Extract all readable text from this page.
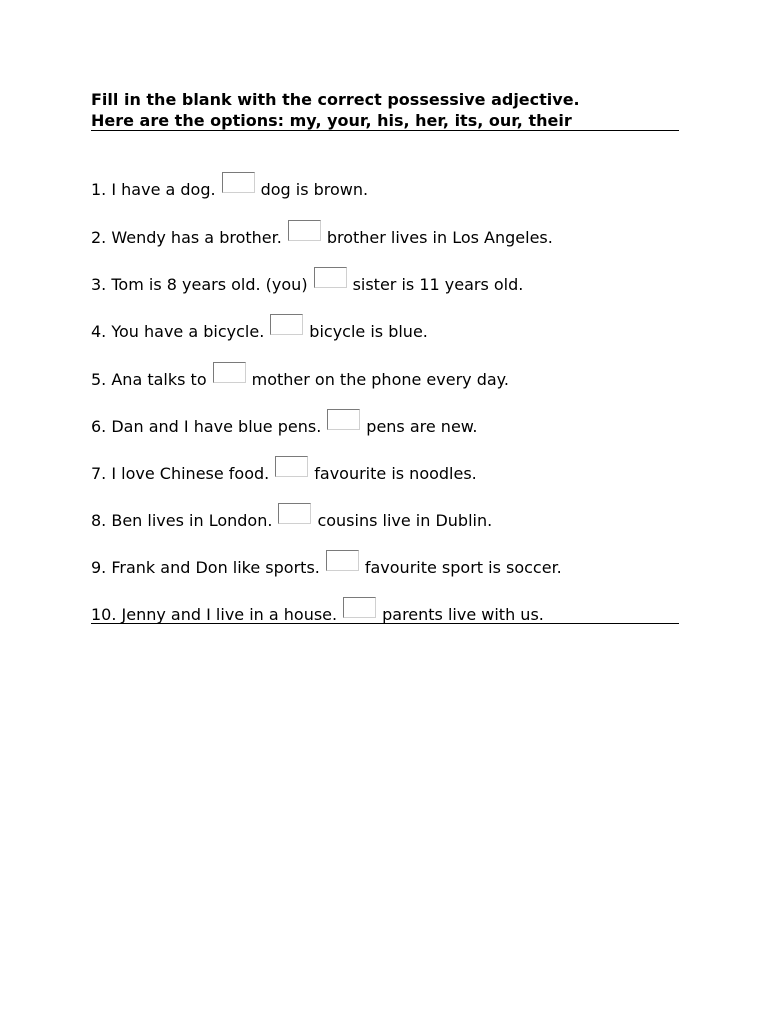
Fill in the blank with the correct possessive adjective.
Here are the options: my, your, his, her, its, our, their
1. I have a dog.	dog is brown.
2. Wendy has a brother.	brother lives in Los Angeles.
3. Tom is 8 years old. (you)	sister is 11 years old.
4. You have a bicycle.	bicycle is blue.
5. Ana talks to	mother on the phone every day.
6. Dan and I have blue pens.	pens are new.
7. I love Chinese food.	favourite is noodles.
8. Ben lives in London.	cousins live in Dublin.
9. Frank and Don like sports.	favourite sport is soccer.
10. Jenny and I live in a house.	parents live with us.
